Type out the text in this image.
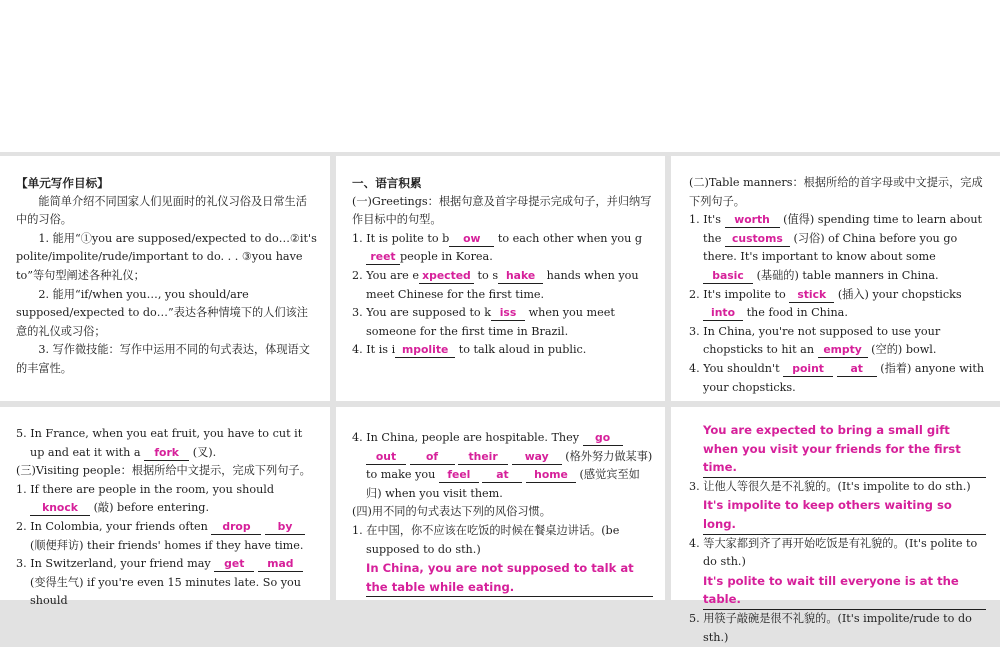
【单元写作目标】
能简单介绍不同国家人们见面时的礼仪习俗及日常生活中的习俗。
1. 能用“①you are supposed/expected to do…②it's polite/impolite/rude/important to do. . . ③you have to”等句型阐述各种礼仪；
2. 能用“if/when you…, you should/are supposed/expected to do…”表达各种情境下的人们该注意的礼仪或习俗；
3. 写作微技能：写作中运用不同的句式表达，体现语文的丰富性。
一、语言积累
(一)Greetings：根据句意及首字母提示完成句子，并归纳写作目标中的句型。
1. It is polite to b ow to each other when you greet people in Korea.
2. You are e xpected to s hake hands when you meet Chinese for the first time.
3. You are supposed to k iss when you meet someone for the first time in Brazil.
4. It is i mpolite to talk aloud in public.
(二)Table manners：根据所给的首字母或中文提示，完成下列句子。
1. It's worth (值得) spending time to learn about the customs (习俗) of China before you go there. It's important to know about some basic (基础的) table manners in China.
2. It's impolite to stick (插入) your chopsticks into the food in China.
3. In China, you're not supposed to use your chopsticks to hit an empty (空的) bowl.
4. You shouldn't point at (指着) anyone with your chopsticks.
5. In France, when you eat fruit, you have to cut it up and eat it with a fork (叉).
(三)Visiting people：根据所给中文提示，完成下列句子。
1. If there are people in the room, you should knock (敲) before entering.
2. In Colombia, your friends often drop	by (顺便拜访) their friends' homes if they have time.
3. In Switzerland, your friend may get mad (变得生气) if you're even 15 minutes late. So you should
4. In China, people are hospitable. They go out	of	their way (格外努力做某事) to make you feel at home (感觉宾至如归) when you visit them.
(四)用不同的句式表达下列的风俗习惯。
1. 在中国，你不应该在吃饭的时候在餐桌边讲话。(be supposed to do sth.)
In China, you are not supposed to talk at the table while eating.
You are expected to bring a small gift when you visit your friends for the first time.
3. 让他人等很久是不礼貌的。(It's impolite to do sth.)
It's impolite to keep others waiting so long.
4. 等大家都到齐了再开始吃饭是有礼貌的。(It's polite to do sth.)
It's polite to wait till everyone is at the table.
5. 用筷子敲碗是很不礼貌的。(It's impolite/rude to do sth.)
